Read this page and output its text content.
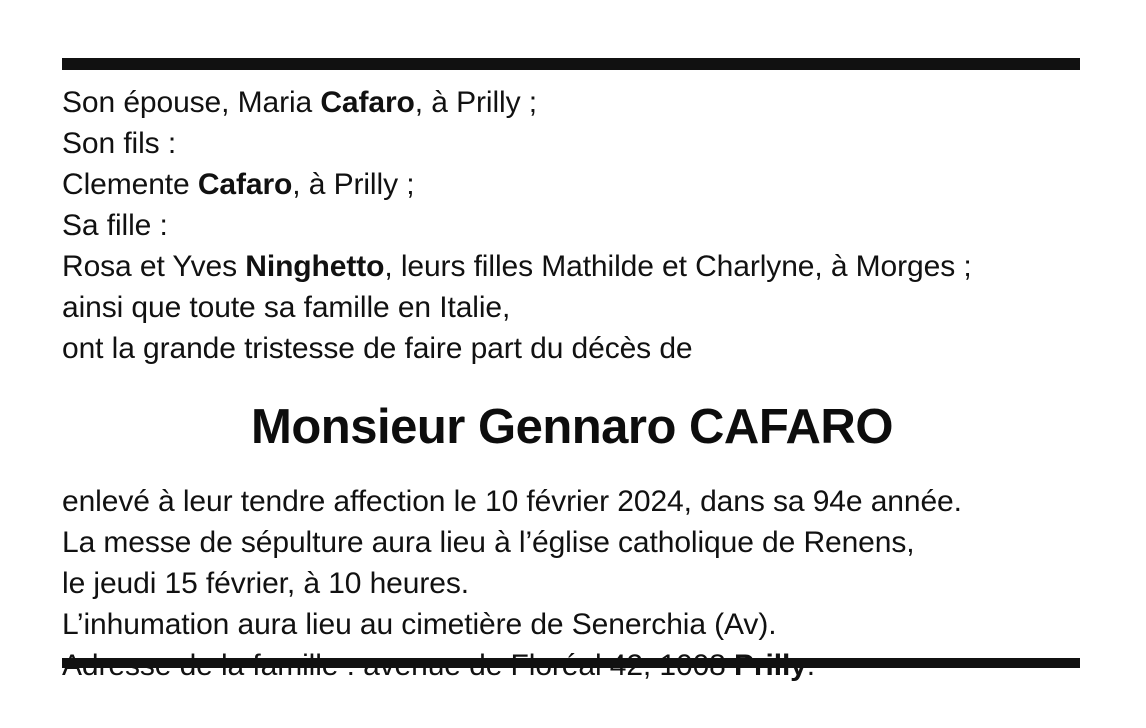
Son épouse, Maria Cafaro, à Prilly ;
Son fils :
Clemente Cafaro, à Prilly ;
Sa fille :
Rosa et Yves Ninghetto, leurs filles Mathilde et Charlyne, à Morges ;
ainsi que toute sa famille en Italie,
ont la grande tristesse de faire part du décès de
Monsieur Gennaro CAFARO
enlevé à leur tendre affection le 10 février 2024, dans sa 94e année.
La messe de sépulture aura lieu à l’église catholique de Renens,
le jeudi 15 février, à 10 heures.
L’inhumation aura lieu au cimetière de Senerchia (Av).
